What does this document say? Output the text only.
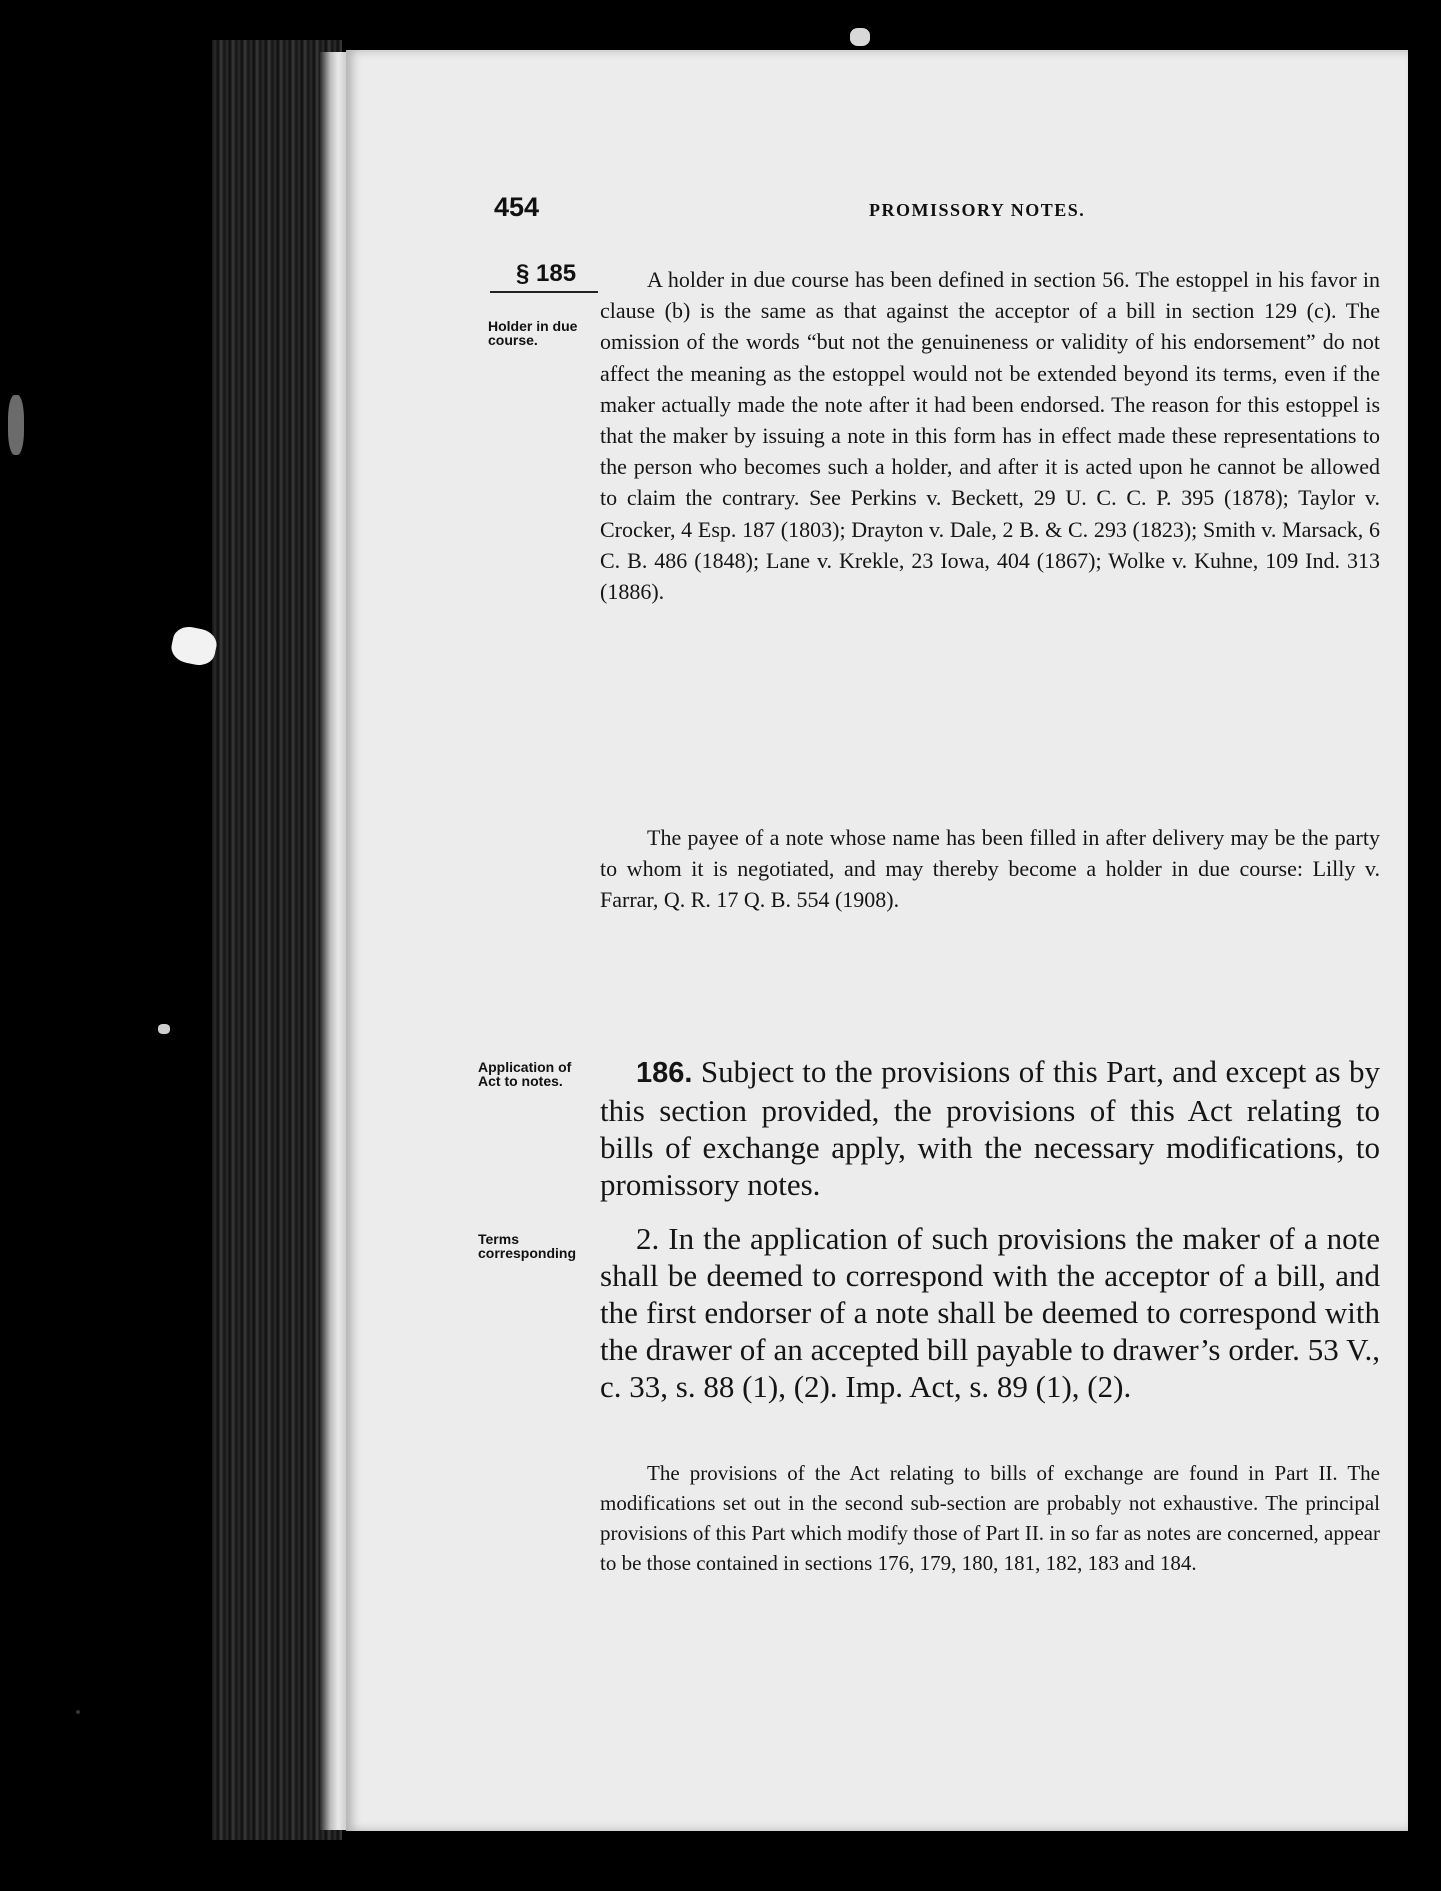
454	PROMISSORY NOTES.
§ 185
Holder in due course.

A holder in due course has been defined in section 56. The estoppel in his favor in clause (b) is the same as that against the acceptor of a bill in section 129 (c). The omission of the words “but not the genuineness or validity of his endorsement” do not affect the meaning as the estoppel would not be extended beyond its terms, even if the maker actually made the note after it had been endorsed. The reason for this estoppel is that the maker by issuing a note in this form has in effect made these representations to the person who becomes such a holder, and after it is acted upon he cannot be allowed to claim the contrary. See Perkins v. Beckett, 29 U. C. C. P. 395 (1878); Taylor v. Crocker, 4 Esp. 187 (1803); Drayton v. Dale, 2 B. & C. 293 (1823); Smith v. Marsack, 6 C. B. 486 (1848); Lane v. Krekle, 23 Iowa, 404 (1867); Wolke v. Kuhne, 109 Ind. 313 (1886).

The payee of a note whose name has been filled in after delivery may be the party to whom it is negotiated, and may thereby become a holder in due course: Lilly v. Farrar, Q. R. 17 Q. B. 554 (1908).

Application of Act to notes.	186. Subject to the provisions of this Part, and except as by this section provided, the provisions of this Act relating to bills of exchange apply, with the necessary modifications, to promissory notes.

Terms corresponding	2. In the application of such provisions the maker of a note shall be deemed to correspond with the acceptor of a bill, and the first endorser of a note shall be deemed to correspond with the drawer of an accepted bill payable to drawer’s order. 53 V., c. 33, s. 88 (1), (2). Imp. Act, s. 89 (1), (2).

The provisions of the Act relating to bills of exchange are found in Part II. The modifications set out in the second sub-section are probably not exhaustive. The principal provisions of this Part which modify those of Part II. in so far as notes are concerned, appear to be those contained in sections 176, 179, 180, 181, 182, 183 and 184.
